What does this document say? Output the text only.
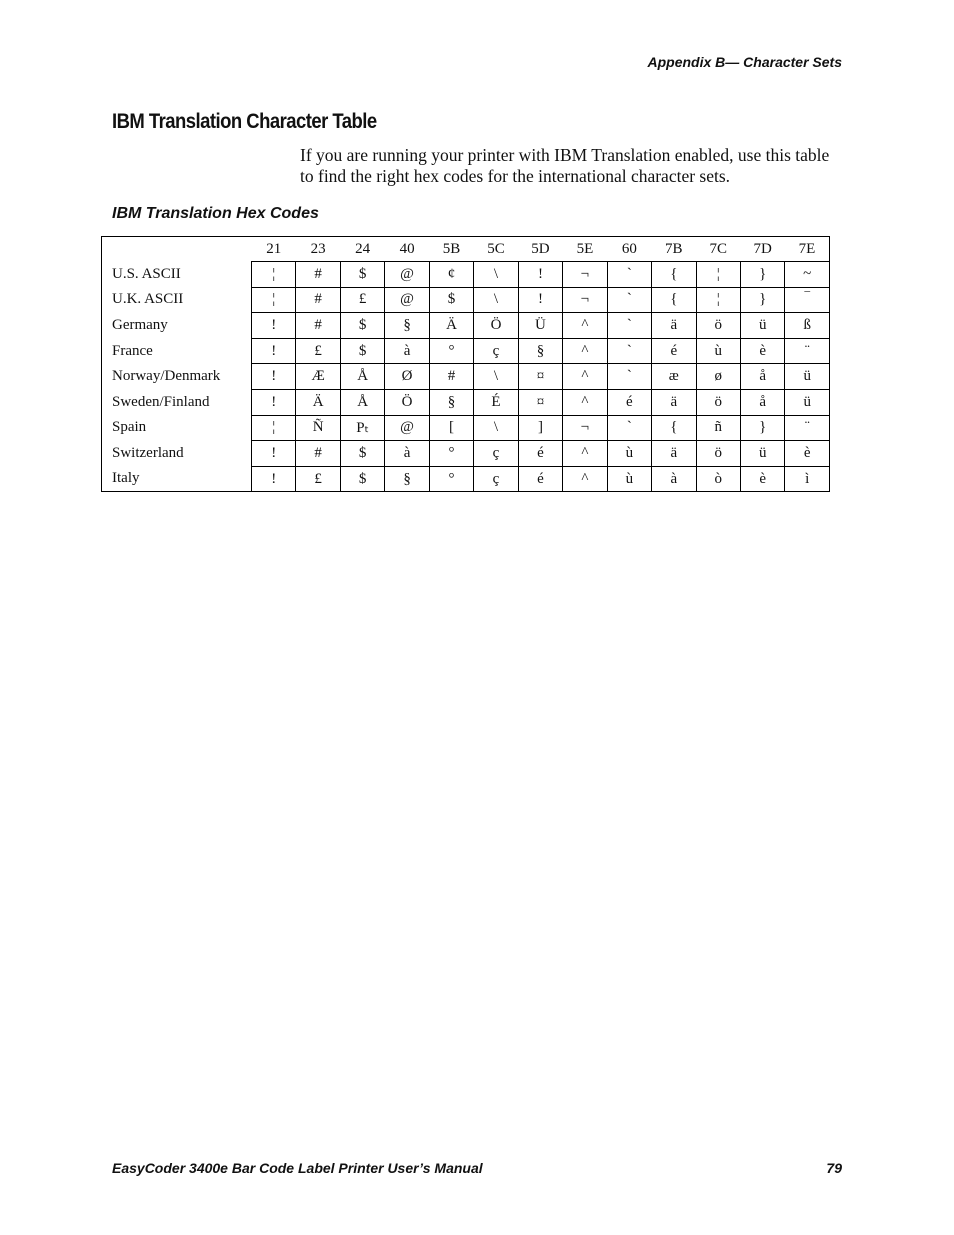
Appendix B— Character Sets
IBM Translation Character Table

If you are running your printer with IBM Translation enabled, use this table to find the right hex codes for the international character sets.

IBM Translation Hex Codes
	21	23	24	40	5B	5C	5D	5E	60	7B	7C	7D	7E
U.S. ASCII	¦	#	$	@	¢	\	!	¬	`	{	¦	}	~
U.K. ASCII	¦	#	£	@	$	\	!	¬	`	{	¦	}	‾
Germany	!	#	$	§	Ä	Ö	Ü	^	`	ä	ö	ü	ß
France	!	£	$	à	°	ç	§	^	`	é	ù	è	¨
Norway/Denmark	!	Æ	Å	Ø	#	\	¤	^	`	æ	ø	å	ü
Sweden/Finland	!	Ä	Å	Ö	§	É	¤	^	é	ä	ö	å	ü
Spain	¦	Ñ	Pₜ	@	[	\	]	¬	`	{	ñ	}	¨
Switzerland	!	#	$	à	°	ç	é	^	ù	ä	ö	ü	è
Italy	!	£	$	§	°	ç	é	^	ù	à	ò	è	ì
EasyCoder 3400e Bar Code Label Printer User’s Manual	79
